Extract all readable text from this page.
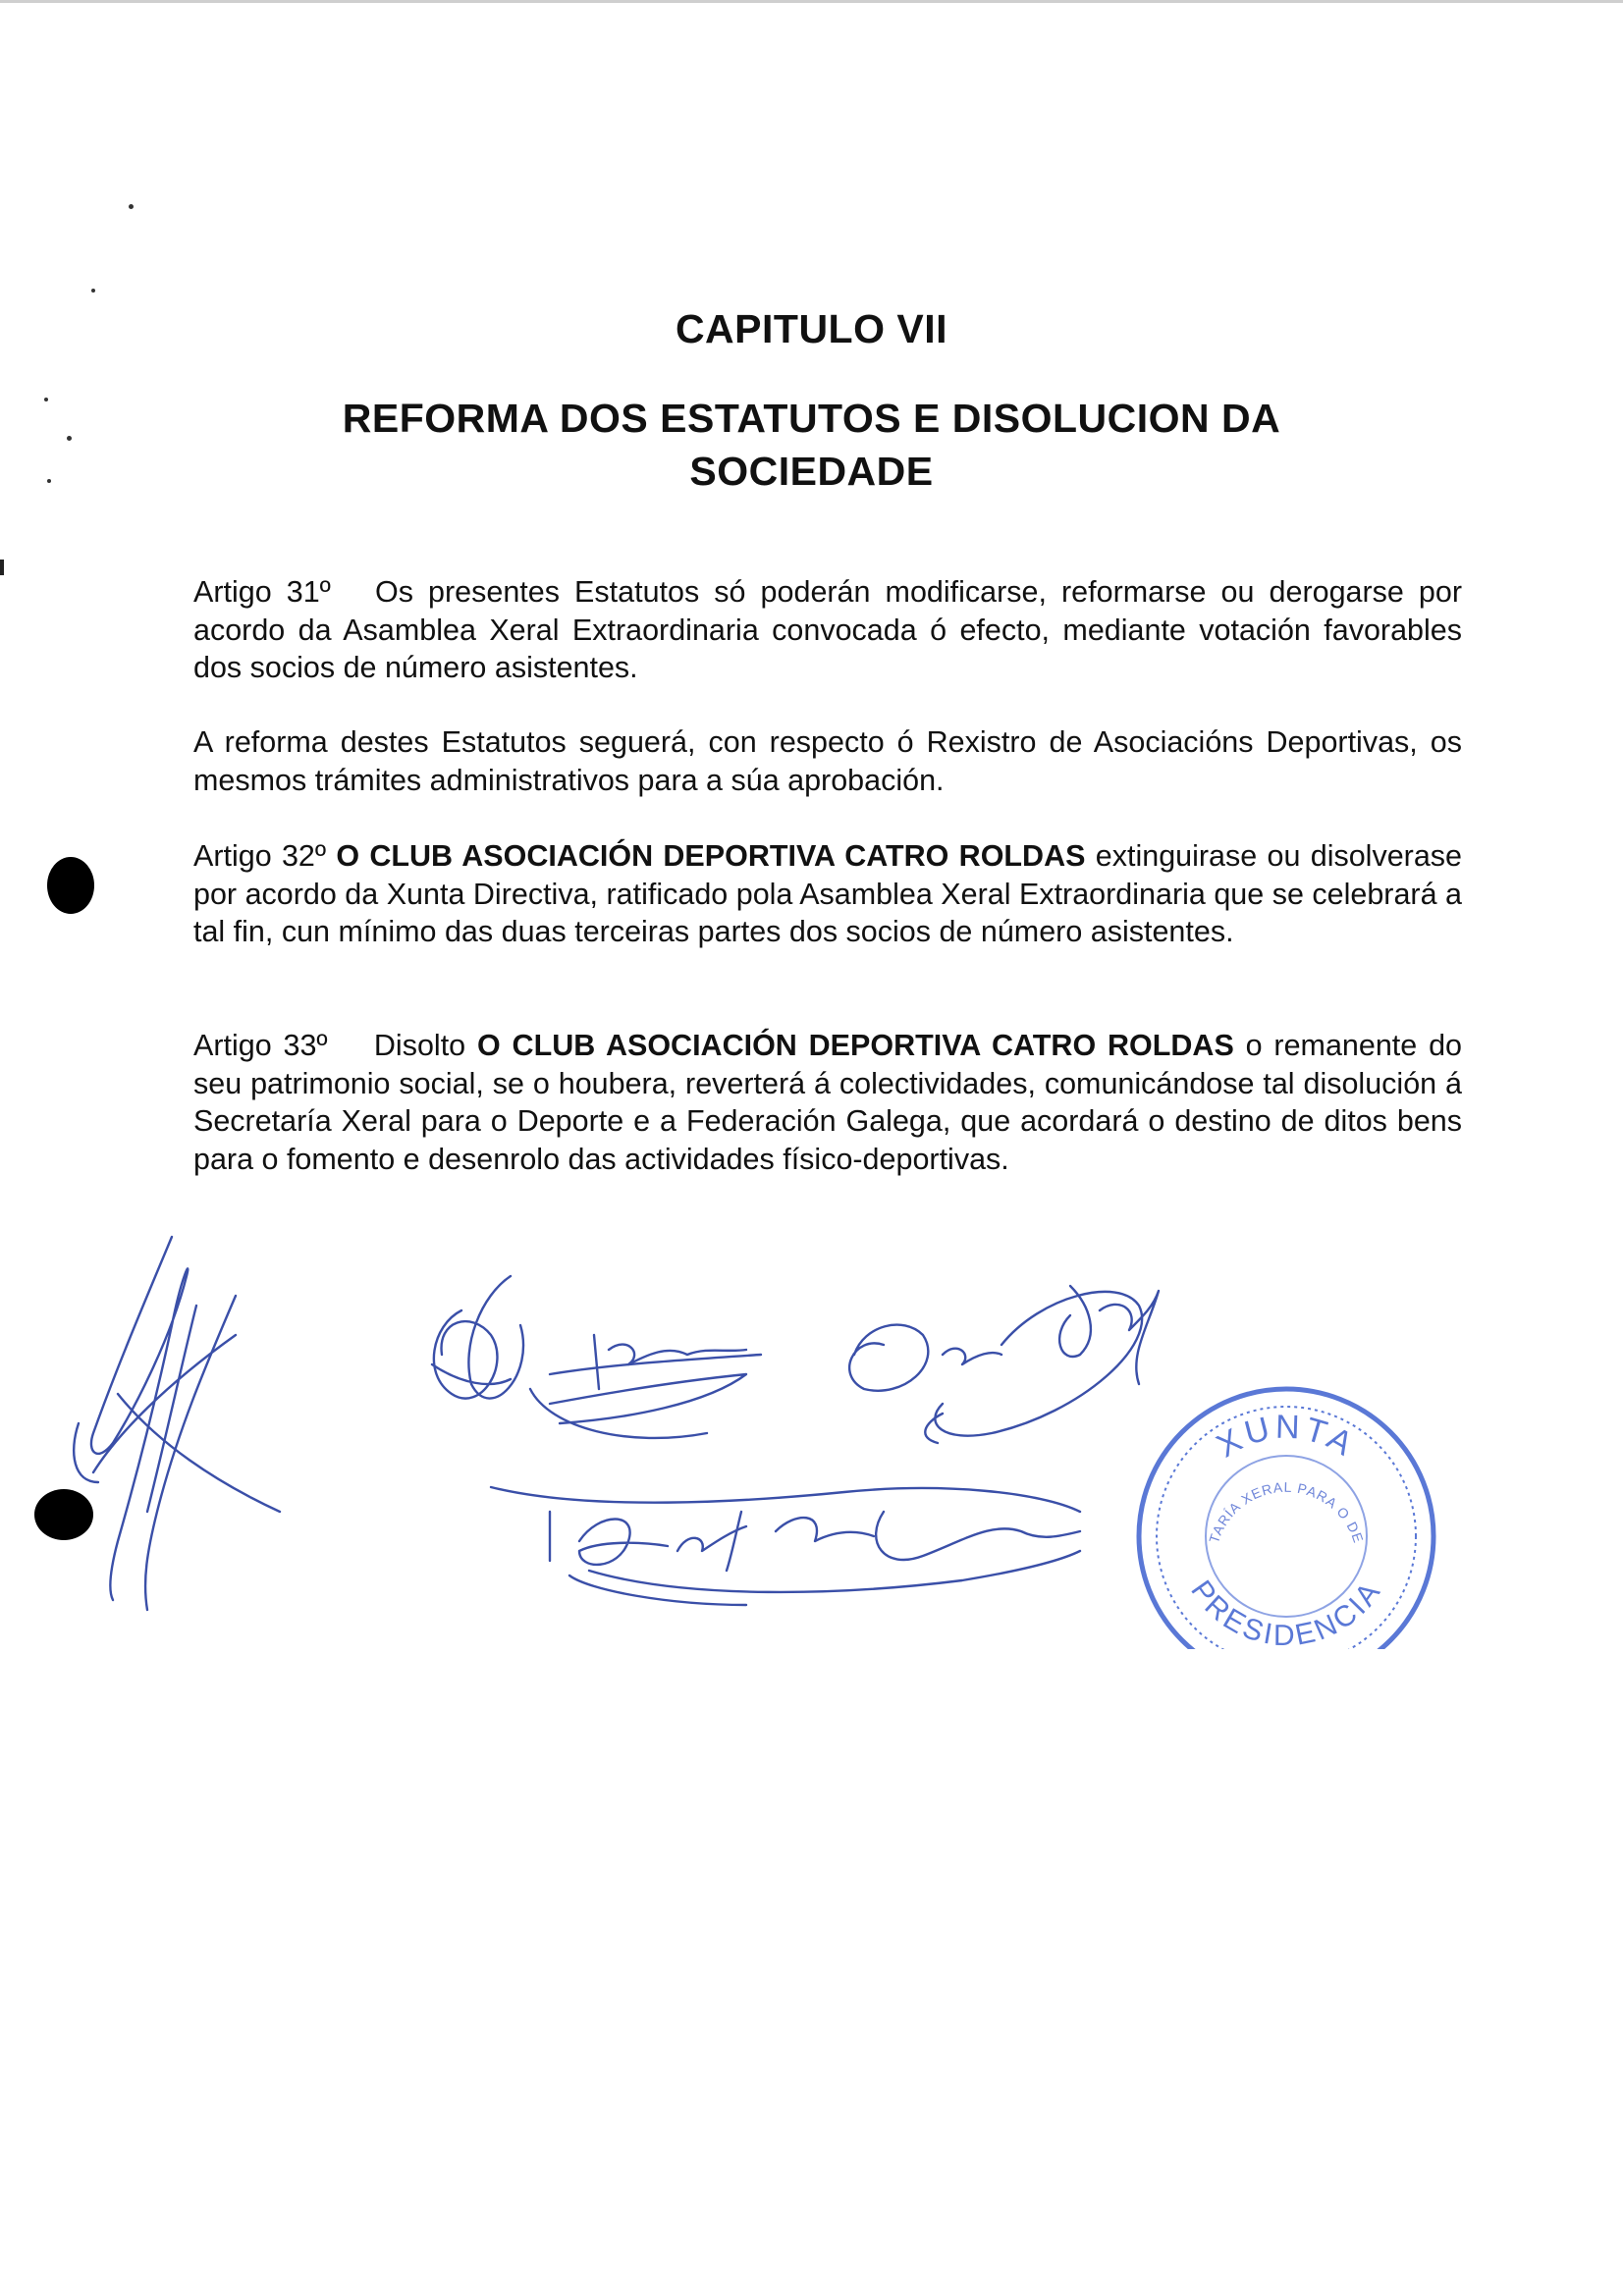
CAPITULO VII
REFORMA DOS ESTATUTOS E DISOLUCION DA
SOCIEDADE

Artigo 31º Os presentes Estatutos só poderán modificarse, reformarse ou derogarse por acordo da Asamblea Xeral Extraordinaria convocada ó efecto, mediante votación favorables dos socios de número asistentes.

A reforma destes Estatutos seguerá, con respecto ó Rexistro de Asociacións Deportivas, os mesmos trámites administrativos para a súa aprobación.

Artigo 32º O CLUB ASOCIACIÓN DEPORTIVA CATRO ROLDAS extinguirase ou disolverase por acordo da Xunta Directiva, ratificado pola Asamblea Xeral Extraordinaria que se celebrará a tal fin, cun mínimo das duas terceiras partes dos socios de número asistentes.

Artigo 33º Disolto O CLUB ASOCIACIÓN DEPORTIVA CATRO ROLDAS o remanente do seu patrimonio social, se o houbera, reverterá á colectividades, comunicándose tal disolución á Secretaría Xeral para o Deporte e a Federación Galega, que acordará o destino de ditos bens para o fomento e desenrolo das actividades físico-deportivas.

XUNTA
SECRETARÍA XERAL PARA O DEPORTE
PRESIDENCIA
